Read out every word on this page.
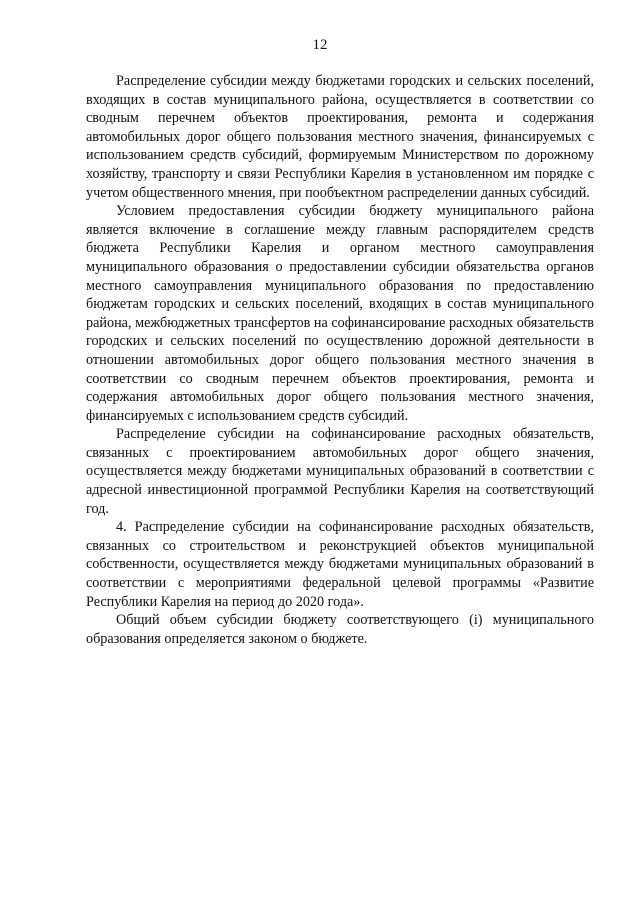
12

Распределение субсидии между бюджетами городских и сельских поселений, входящих в состав муниципального района, осуществляется в соответствии со сводным перечнем объектов проектирования, ремонта и содержания автомобильных дорог общего пользования местного значения, финансируемых с использованием средств субсидий, формируемым Министерством по дорожному хозяйству, транспорту и связи Республики Карелия в установленном им порядке с учетом общественного мнения, при пообъектном распределении данных субсидий.

Условием предоставления субсидии бюджету муниципального района является включение в соглашение между главным распорядителем средств бюджета Республики Карелия и органом местного самоуправления муниципального образования о предоставлении субсидии обязательства органов местного самоуправления муниципального образования по предоставлению бюджетам городских и сельских поселений, входящих в состав муниципального района, межбюджетных трансфертов на софинансирование расходных обязательств городских и сельских поселений по осуществлению дорожной деятельности в отношении автомобильных дорог общего пользования местного значения в соответствии со сводным перечнем объектов проектирования, ремонта и содержания автомобильных дорог общего пользования местного значения, финансируемых с использованием средств субсидий.

Распределение субсидии на софинансирование расходных обязательств, связанных с проектированием автомобильных дорог общего значения, осуществляется между бюджетами муниципальных образований в соответствии с адресной инвестиционной программой Республики Карелия на соответствующий год.

4. Распределение субсидии на софинансирование расходных обязательств, связанных со строительством и реконструкцией объектов муниципальной собственности, осуществляется между бюджетами муниципальных образований в соответствии с мероприятиями федеральной целевой программы «Развитие Республики Карелия на период до 2020 года».

Общий объем субсидии бюджету соответствующего (i) муниципального образования определяется законом о бюджете.
